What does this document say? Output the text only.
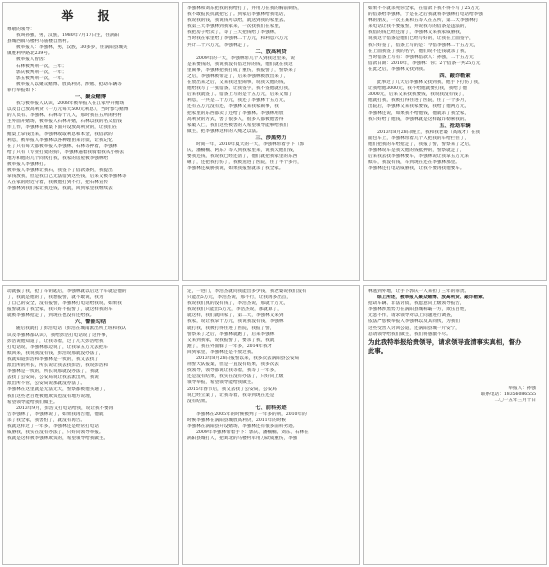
举 报
尊敬的领导：
我叫孙强，男，汉族，1980年7月17日生，住涡阳
县城西镇马楼村马庙楼自然村。
被举报人：李强林，男，汉族，30多岁，住涡阳县城关
镇胜利中路北239号。
被举报人曾因：
石林被判刑一次，三年；
郭庆被判刑一次，一年；
郭五被判刑一次，一年。
被举报人以聚众赌博、放高利贷、涉赌、抢劫车辆等
罪行举报如下：
一、聚众赌博
我与被举报人认识，2008年被举报人在江家中开赌场
以及自己放高利贷（一万元每天500元利息），当时参与赌博
的人员有、李强林、石林等十几人，那时我在五所闲村村
主外面开赌场，被举报人石林开赌，石林以我的名义借钱
作工作，李强林在赌桌下面开设放高利贷的，让我们在
赌桌上拿钱出来，李强林收取利息和本金，我借款的
利息，被举报人李强林以各种理由来讨债，让我记忆
在了只有每天都被举报人李强林、石林等押着，李强林
给了只有（专业打架的狗），李强林逼着我骑着我从小桥去
地方和他的几个同伙打我，我家的房屋被李强林给
被举报人李强林打。
被举报人李强林让我石，我签下了借款条约，我提出
拿钱放我，但是我自己无法借到这些钱，后来又被李强林等
人在家的附近守着，我被他打到不行，把石林宣传
李强林到我们家让我还钱，我就，回到家里我继续去
李强林和刘东把我的狗给打了，并用刀在我的胸前刺伤，
我不敢报民抗就把它了。到家后李强林给我电话，
我说我的钱，我说钱可以给，就送到我的家里去。
我第三天李强林到我家来，一次找我们在家里，
我把房子给卖了，等了三天把钱给了李强林，
当时我在家里给了李强林二十万元，和利息六万元
共计二十六万元，李强林走了。
二、放高利贷
2009年的一天，李强林带几个人到我这里来，说
是来要钱的，我说我没有借过你的钱，他们就在我这
里闹事，李强林把我打成了重伤，我报警了，警察来了
之后，李强林被带走了，后来李强林被放出来了，
在放出来之后，又来我这里闹事，说我欠他的钱，
他给我写了一张借条，让我签字，我不签他就打我，
后来我就签了。借条上写的是十五万元，后来又加了
利息，一共是二十万元，我还了李强林十五万元，
还有五万元没有还，李强林又来我家闹事，我
把家里的东西都卖了还给了李强林。李强林用放
高利贷的方式，害了很多人，很多人都被他害得
家破人亡，我们这些被害的人希望领导能够给我们
做主，把李强林这样的人绳之以法。
三、涉黑势力
时间一年，2010年夏天的一天，李强林带着手下（郭
庆、潘楠楠、阿东）等人到我家里来，说我欠他们钱，
要我还钱，我说我已经还清了，他们就把我家里的东西
砸了，还把我打伤了，我被送进了医院，住了半个多月，
李强林还威胁我说，如果我报警就杀了我全家。
如果不不就杀死你全家，在借款下我不得不写了25万元
的借条给李强林，于是在之后我就将李强林打电话给李强
林的朋友，一次王某和五等人在五所，第二天李强林打
来电话让我不要报警，并说我写的借条是违法的，
我借的钱已经还清了，李强林又来我家威胁我，
说我这个借条是他们已经写好的，让我在上面签字，
我只好签了，借条上写的是：今借李强林二十五万元，
在上面我签了我的名字，他们说不还钱就杀了我，
当时借条上写有：李强林借款人：孙强，二十五万元
借款日期：2010年，李强林：你；2个借条一共25万元
在此之后，李强林又找到我。
四、敲诈勒索
此事过了几天后李强林又找到我，他手下打伤了我，
让我给他3000元，我不给他就要打我，我给了他
3000元，后来又来找我要钱，我说我没有钱了，
他就打我，我被打得住进了医院，住了一个多月，
出院后，李强林又来我家要钱，我给了他两万元，
李强林还说，如果我不给他钱，他就杀了我全家，
我只好给了他钱，李强林就是这样敲诈勒索我的。
五、抢劫车辆
2013年8月28日晚上，我和我老婆（高成才）在我
面包车上，李强林带着几个人把我的车给拦住了，
他们把我的车给抢走了，我报了警，警察来了之后，
李强林说车是我欠他的钱抵押的，警察就走了，
后来我去找李强林要车，李强林说让我拿五万元来
赎车，我没有钱，车到现在还在李强林那里。
李强林还打电话威胁我，让我不要再找他要车。
动就拔了我，抢了车钥匙后，李强林就以后这个车就是他的
了，我就是他的了，我想报警，就不敢说，我为
了自己的安全，没有报警，李强林打电话给我说，如果我
报警就杀了我全家，我只好不报警了，就这样我的车
就被李强林抢走了，到现在也没有还给我。
六、警匪勾结
随后我就打了彭浩电话（彭浩在城南派出所上班和我认
识及李强林都认识），我给彭浩打电话说了这件事，
彭浩说他知道了，让我等着，过了几天彭浩给我
打电话说，李强林那边说了，让我拿五万元去把车
赎回来，我说我没有钱，彭浩说那就没办法了，
我就知道彭浩和李强林是一伙的，我又去找了
派出所的所长，所长说让我去找彭浩，我说彭浩和
李强林是一伙的，所长说那就没办法了，我就
去找了公安局，公安局说让我去派出所，我说
派出所不管，公安局说那就没办法了。
李强林在这里就是无法无天，警察都被他买通了，
我们这些老百姓被他欺负也没有地方说理，
希望领导能给我们做主。
2013年9月，彭浩又打电话给我，说让我不要再
告李强林了，李强林说了，如果我再告他，他就
杀了我全家，我害怕了，就没有再告。
我就这样过了一年多，李强林还是经常打电话
威胁我，我实在没有办法了，只好向领导举报。
我就是这样被李强林欺负的，希望领导给我做主。
定，一进门，李浩杰就问我能出多少钱，我老婆说我们没有
只能出5万元，李浩杰说，那不行，让我再多出点，
我说我们真的没有钱了，李浩杰说，那就十万元，
我说我们只能出5万元，李浩杰说，那就算了，
就这样，我们就回家了，第二天，李强林又来到
我家，说让我拿十万元，我说我没有钱，李强林
就打我，我被打得住进了医院，我报了警，
警察来了之后，李强林就跑了，后来李强林
又来到我家，说我报警了，要杀了我，我就
跑了，我在外面躲了一年多，2014年我才
回到家里，李强林还是不放过我。
2013年8月28日报警以来，我多次去涡阳县公安局
刑警大队报案，但是一直没有结果，我多次去
找领导，领导都说让我等着，我等了一年多，
还是没有结果，我实在没有办法了，只好向上级
领导举报，希望领导能给我做主。
2015年春节后，我又去找了公安局，公安局
说已经立案了，让我等着，我等到现在还是
没有结果。
七、前科劣迹
李强林在2005年的时候被判了一年多的刑，2010年的
时候李强林在涡阳县城放高利贷，2011年的时候
李强林在涡阳县开设赌场，李强林还有很多前科劣迹。
2009年李强林带着手下：郭庆、潘楠楠、刘东、石林在
涡阳县城打人，把刘北的马楼村军用刀砍成重伤，李强
林逃到外地，让手下郭庆一人来担了三年的罪责。
综上所述，被举报人聚众赌博、放高利贷、敲诈勒索、
抢劫车辆、非法讨债，我愿意向上级领导报告，
李强林涉黑势力在涡阳县城称霸一方，欺压百姓，
无恶不作，请求领导对以上问题进行调查，
依法严惩被举报人李强林以及其同伙，为我们
这些受害人讨回公道，还涡阳县城一片安宁，
恳请领导给我们做主，我们将感激不尽。
为此我特举报给贵领导，请求领导查清事实真相，督办
此事。
举报人：孙强
联系电话：18356086555
二〇一五年三月十日
